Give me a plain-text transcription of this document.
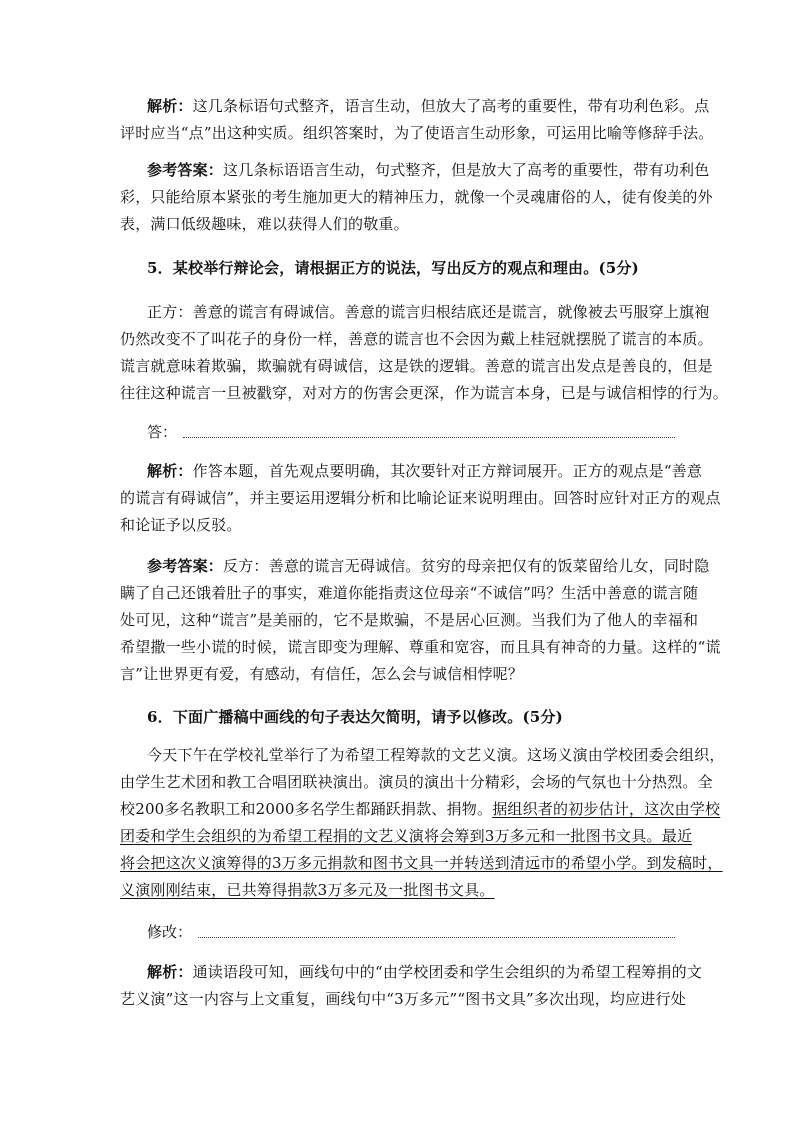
解析：这几条标语句式整齐，语言生动，但放大了高考的重要性，带有功利色彩。点
评时应当“点”出这种实质。组织答案时，为了使语言生动形象，可运用比喻等修辞手法。
参考答案：这几条标语语言生动，句式整齐，但是放大了高考的重要性，带有功利色
彩，只能给原本紧张的考生施加更大的精神压力，就像一个灵魂庸俗的人，徒有俊美的外
表，满口低级趣味，难以获得人们的敬重。
5．某校举行辩论会，请根据正方的说法，写出反方的观点和理由。(5分)
正方：善意的谎言有碍诚信。善意的谎言归根结底还是谎言，就像被去丐服穿上旗袍
仍然改变不了叫花子的身份一样，善意的谎言也不会因为戴上桂冠就摆脱了谎言的本质。
谎言就意味着欺骗，欺骗就有碍诚信，这是铁的逻辑。善意的谎言出发点是善良的，但是
往往这种谎言一旦被戳穿，对对方的伤害会更深，作为谎言本身，已是与诚信相悖的行为。
答：
解析：作答本题，首先观点要明确，其次要针对正方辩词展开。正方的观点是“善意
的谎言有碍诚信”，并主要运用逻辑分析和比喻论证来说明理由。回答时应针对正方的观点
和论证予以反驳。
参考答案：反方：善意的谎言无碍诚信。贫穷的母亲把仅有的饭菜留给儿女，同时隐
瞒了自己还饿着肚子的事实，难道你能指责这位母亲“不诚信”吗？生活中善意的谎言随
处可见，这种“谎言”是美丽的，它不是欺骗，不是居心叵测。当我们为了他人的幸福和
希望撒一些小谎的时候，谎言即变为理解、尊重和宽容，而且具有神奇的力量。这样的“谎
言”让世界更有爱，有感动，有信任，怎么会与诚信相悖呢？
6．下面广播稿中画线的句子表达欠简明，请予以修改。(5分)
今天下午在学校礼堂举行了为希望工程筹款的文艺义演。这场义演由学校团委会组织，
由学生艺术团和教工合唱团联袂演出。演员的演出十分精彩，会场的气氛也十分热烈。全
校200多名教职工和2000多名学生都踊跃捐款、捐物。据组织者的初步估计，这次由学校
团委和学生会组织的为希望工程捐的文艺义演将会筹到3万多元和一批图书文具。最近
将会把这次义演筹得的3万多元捐款和图书文具一并转送到清远市的希望小学。到发稿时，
义演刚刚结束，已共筹得捐款3万多元及一批图书文具。
修改：
解析：通读语段可知，画线句中的“由学校团委和学生会组织的为希望工程筹捐的文
艺义演”这一内容与上文重复，画线句中“3万多元”“图书文具”多次出现，均应进行处
